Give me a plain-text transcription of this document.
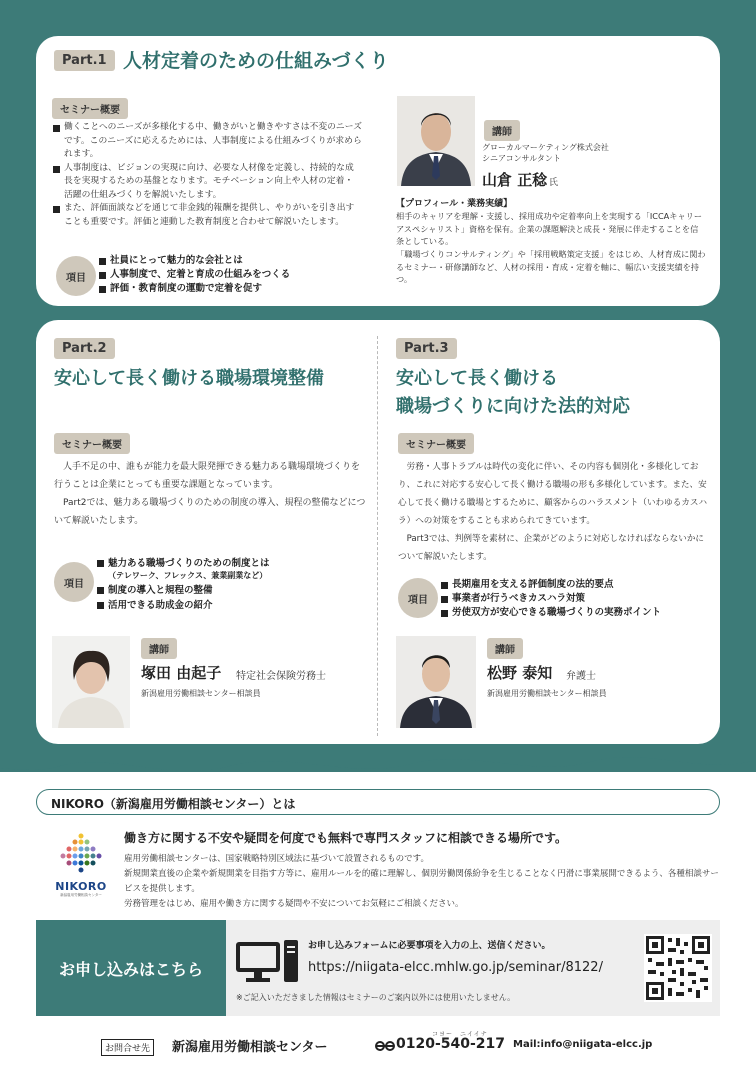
Part.1 人材定着のための仕組みづくり
セミナー概要
働くことへのニーズが多様化する中、働きがいと働きやすさは不変のニーズです。このニーズに応えるためには、人事制度による仕組みづくりが求められます。
人事制度は、ビジョンの実現に向け、必要な人材像を定義し、持続的な成長を実現するための基盤となります。モチベーション向上や人材の定着・活躍の仕組みづくりを解説いたします。
また、評価面談などを通じて非金銭的報酬を提供し、やりがいを引き出すことも重要です。評価と連動した教育制度と合わせて解説いたします。
項目
社員にとって魅力的な会社とは
人事制度で、定着と育成の仕組みをつくる
評価・教育制度の運動で定着を促す
講師
グローカルマーケティング株式会社
シニアコンサルタント
山倉 正稔 氏
【プロフィール・業務実績】

相手のキャリアを理解・支援し、採用成功や定着率向上を実現する「ICCAキャリーアスペシャリスト」資格を保有。企業の課題解決と成長・発展に伴走することを信条としている。

「職場づくりコンサルティング」や「採用戦略策定支援」をはじめ、人材育成に関わるセミナー・研修講師など、人材の採用・育成・定着を軸に、幅広い支援実績を持つ。

Part.2
安心して長く働ける職場環境整備
セミナー概要

人手不足の中、誰もが能力を最大限発揮できる魅力ある職場環境づくりを行うことは企業にとっても重要な課題となっています。

Part2では、魅力ある職場づくりのための制度の導入、規程の整備などについて解説いたします。

項目
魅力ある職場づくりのための制度とは
（テレワーク、フレックス、兼業副業など）
制度の導入と規程の整備
活用できる助成金の紹介
講師
塚田 由起子 特定社会保険労務士
新潟雇用労働相談センター相談員
Part.3
安心して長く働ける
職場づくりに向けた法的対応
セミナー概要

労務・人事トラブルは時代の変化に伴い、その内容も個別化・多様化しており、これに対応する安心して長く働ける職場の形も多様化しています。また、安心して長く働ける職場とするために、顧客からのハラスメント（いわゆるカスハラ）への対策をすることも求められてきています。

Part3では、判例等を素材に、企業がどのように対応しなければならないかについて解説いたします。

項目
長期雇用を支える評価制度の法的要点
事業者が行うべきカスハラ対策
労使双方が安心できる職場づくりの実務ポイント
講師
松野 泰知 弁護士
新潟雇用労働相談センター相談員
NIKORO（新潟雇用労働相談センター）とは
NIKORO
新潟雇用労働相談センター
働き方に関する不安や疑問を何度でも無料で専門スタッフに相談できる場所です。

雇用労働相談センターは、国家戦略特別区域法に基づいて設置されるものです。

新規開業直後の企業や新規開業を目指す方等に、雇用ルールを的確に理解し、個別労働関係紛争を生じることなく円滑に事業展開できるよう、各種相談サービスを提供します。

労務管理をはじめ、雇用や働き方に関する疑問や不安についてお気軽にご相談ください。

お申し込みはこちら
お申し込みフォームに必要事項を入力の上、送信ください。
https://niigata-elcc.mhlw.go.jp/seminar/8122/
※ご記入いただきました情報はセミナーのご案内以外には使用いたしません。
お問合せ先	新潟雇用労働相談センター
コヨー　ニイイナ
0120-540-217 Mail:info@niigata-elcc.jp
